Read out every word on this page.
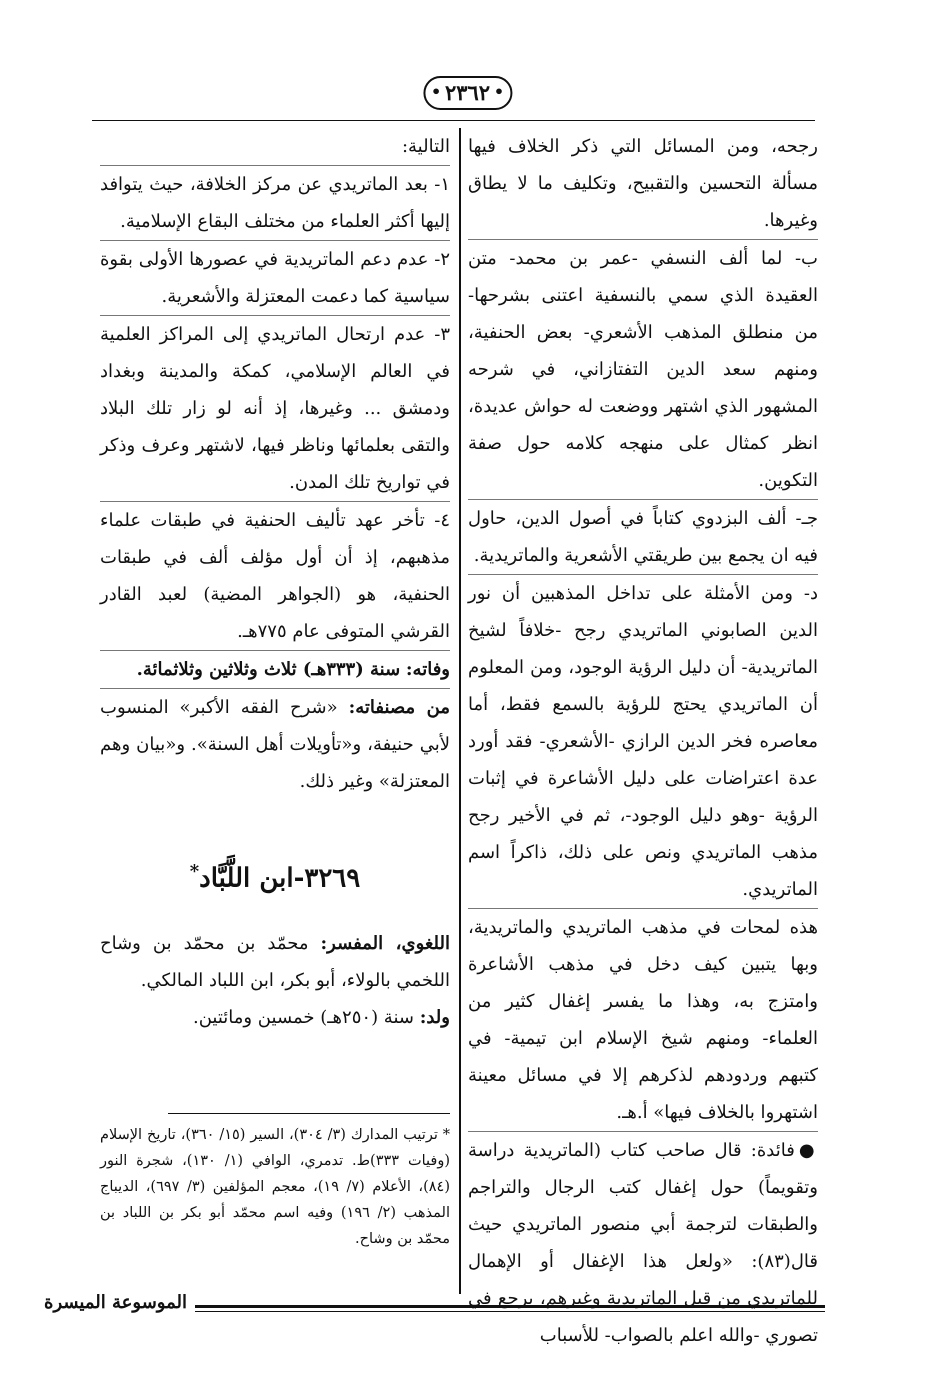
• ٢٣٦٢ •

رجحه، ومن المسائل التي ذكر الخلاف فيها مسألة التحسين والتقبيح، وتكليف ما لا يطاق وغيرها.

ب- لما ألف النسفي -عمر بن محمد- متن العقيدة الذي سمي بالنسفية اعتنى بشرحها- من منطلق المذهب الأشعري- بعض الحنفية، ومنهم سعد الدين التفتازاني، في شرحه المشهور الذي اشتهر ووضعت له حواش عديدة، انظر كمثال على منهجه كلامه حول صفة التكوين.

جـ- ألف البزدوي كتاباً في أصول الدين، حاول فيه ان يجمع بين طريقتي الأشعرية والماتريدية.

د- ومن الأمثلة على تداخل المذهبين أن نور الدين الصابوني الماتريدي رجح -خلافاً لشيخ الماتريدية- أن دليل الرؤية الوجود، ومن المعلوم أن الماتريدي يحتج للرؤية بالسمع فقط، أما معاصره فخر الدين الرازي -الأشعري- فقد أورد عدة اعتراضات على دليل الأشاعرة في إثبات الرؤية -وهو دليل الوجود-، ثم في الأخير رجح مذهب الماتريدي ونص على ذلك، ذاكراً اسم الماتريدي.

هذه لمحات في مذهب الماتريدي والماتريدية، وبها يتبين كيف دخل في مذهب الأشاعرة وامتزج به، وهذا ما يفسر إغفال كثير من العلماء- ومنهم شيخ الإسلام ابن تيمية- في كتبهم وردودهم لذكرهم إلا في مسائل معينة اشتهروا بالخلاف فيها» أ.هـ.

●فائدة: قال صاحب كتاب (الماتريدية دراسة وتقويماً) حول إغفال كتب الرجال والتراجم والطبقات لترجمة أبي منصور الماتريدي حيث قال(٨٣): «ولعل هذا الإغفال أو الإهمال للماتريدي من قبل الماتريدية وغيرهم، يرجع في تصوري -والله اعلم بالصواب- للأسباب

التالية:

١- بعد الماتريدي عن مركز الخلافة، حيث يتوافد إليها أكثر العلماء من مختلف البقاع الإسلامية.

٢- عدم دعم الماتريدية في عصورها الأولى بقوة سياسية كما دعمت المعتزلة والأشعرية.

٣- عدم ارتحال الماتريدي إلى المراكز العلمية في العالم الإسلامي، كمكة والمدينة وبغداد ودمشق ... وغيرها، إذ أنه لو زار تلك البلاد والتقى بعلمائها وناظر فيها، لاشتهر وعرف وذكر في تواريخ تلك المدن.

٤- تأخر عهد تأليف الحنفية في طبقات علماء مذهبهم، إذ أن أول مؤلف ألف في طبقات الحنفية، هو (الجواهر المضية) لعبد القادر القرشي المتوفى عام ٧٧٥هـ.

وفاته: سنة (٣٣٣هـ) ثلاث وثلاثين وثلاثمائة.

من مصنفاته: «شرح الفقه الأكبر» المنسوب لأبي حنيفة، و«تأويلات أهل السنة». و«بيان وهم المعتزلة» وغير ذلك.

٣٢٦٩-ابن اللَّبَّاد*

اللغوي، المفسر: محمّد بن محمّد بن وشاح اللخمي بالولاء، أبو بكر، ابن اللباد المالكي.

ولد: سنة (٢٥٠هـ) خمسين ومائتين.

* ترتيب المدارك (٣/ ٣٠٤)، السير (١٥/ ٣٦٠)، تاريخ الإسلام (وفيات ٣٣٣)ط. تدمري، الوافي (١/ ١٣٠)، شجرة النور (٨٤)، الأعلام (٧/ ١٩)، معجم المؤلفين (٣/ ٦٩٧)، الديباج المذهب (٢/ ١٩٦) وفيه اسم محمّد أبو بكر بن اللباد بن محمّد بن وشاح.

الموسوعة الميسرة
